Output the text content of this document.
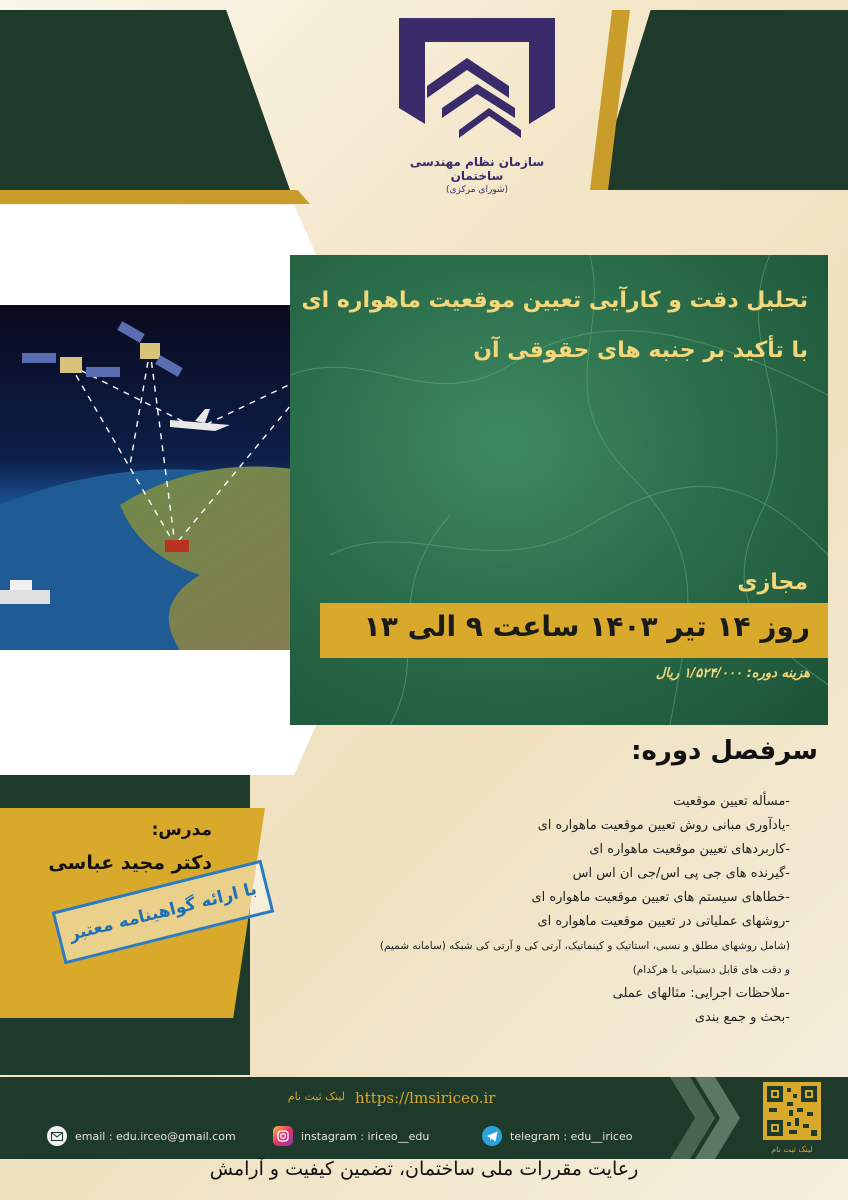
سازمان نظام مهندسی ساختمان
(شورای مرکزی)
تحلیل دقت و کارآیی تعیین موقعیت ماهواره ای
با تأکید بر جنبه های حقوقی آن
مجازی
روز ۱۴ تیر ۱۴۰۳ ساعت ۹ الی ۱۳
هزینه دوره: ۱/۵۲۴/۰۰۰ ریال
سرفصل دوره:
-مسأله تعیین موقعیت
-یادآوری مبانی روش تعیین موقعیت ماهواره ای
-کاربردهای تعیین موقعیت ماهواره ای
-گیرنده های جی پی اس/جی ان اس اس
-خطاهای سیستم های تعیین موقعیت ماهواره ای
-روشهای عملیاتی در تعیین موقعیت ماهواره ای
(شامل روشهای مطلق و نسبی، استاتیک و کینماتیک، آرتی کی و آرتی کی شبکه (سامانه شمیم)
و دقت های قابل دستیابی با هرکدام)
-ملاحظات اجرایی: مثالهای عملی
-بحث و جمع بندی
مدرس:
دکتر مجید عباسی
با ارائه گواهینامه معتبر
لینک ثبت نام https://lmsiriceo.ir
email : edu.irceo@gmail.com	instagram : iriceo__edu	telegram : edu__iriceo
لینک ثبت نام
رعایت مقررات ملی ساختمان، تضمین کیفیت و آرامش
